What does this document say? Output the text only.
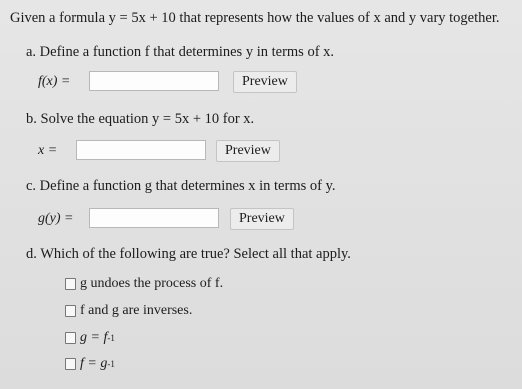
Given a formula y = 5x + 10 that represents how the values of x and y vary together.
a. Define a function f that determines y in terms of x.
f(x) =	Preview
b. Solve the equation y = 5x + 10 for x.
x =	Preview
c. Define a function g that determines x in terms of y.
g(y) =	Preview
d. Which of the following are true? Select all that apply.
g undoes the process of f.
f and g are inverses.
g = f -1
f = g -1
